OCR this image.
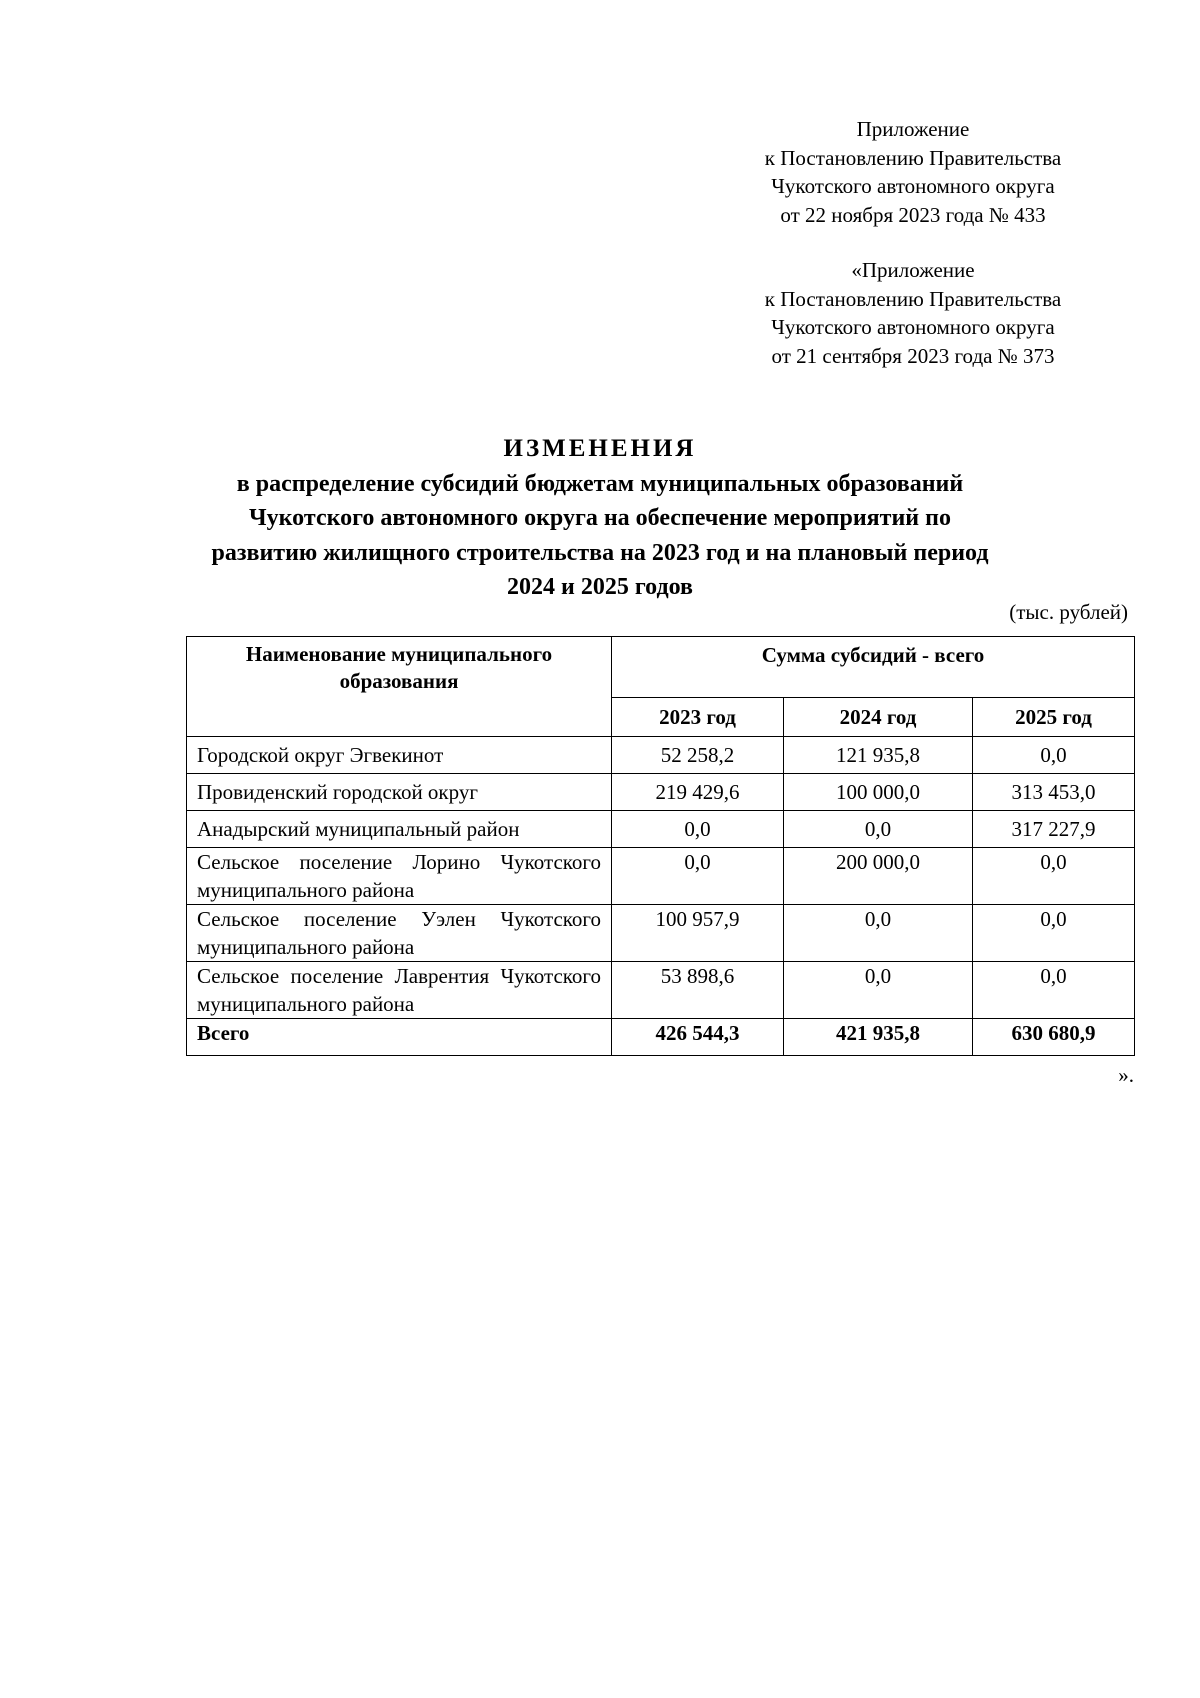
Приложение
к Постановлению Правительства
Чукотского автономного округа
от 22 ноября 2023 года № 433
«Приложение
к Постановлению Правительства
Чукотского автономного округа
от 21 сентября 2023 года № 373
ИЗМЕНЕНИЯ
в распределение субсидий бюджетам муниципальных образований
Чукотского автономного округа на обеспечение мероприятий по
развитию жилищного строительства на 2023 год и на плановый период
2024 и 2025 годов
(тыс. рублей)
Наименование муниципального образования	Сумма субсидий - всего		
	2023 год	2024 год	2025 год
Городской округ Эгвекинот	52 258,2	121 935,8	0,0
Провиденский городской округ	219 429,6	100 000,0	313 453,0
Анадырский муниципальный район	0,0	0,0	317 227,9
Сельское поселение Лорино Чукотского муниципального района	0,0	200 000,0	0,0
Сельское поселение Уэлен Чукотского муниципального района	100 957,9	0,0	0,0
Сельское поселение Лаврентия Чукотского муниципального района	53 898,6	0,0	0,0
Всего	426 544,3	421 935,8	630 680,9
».
